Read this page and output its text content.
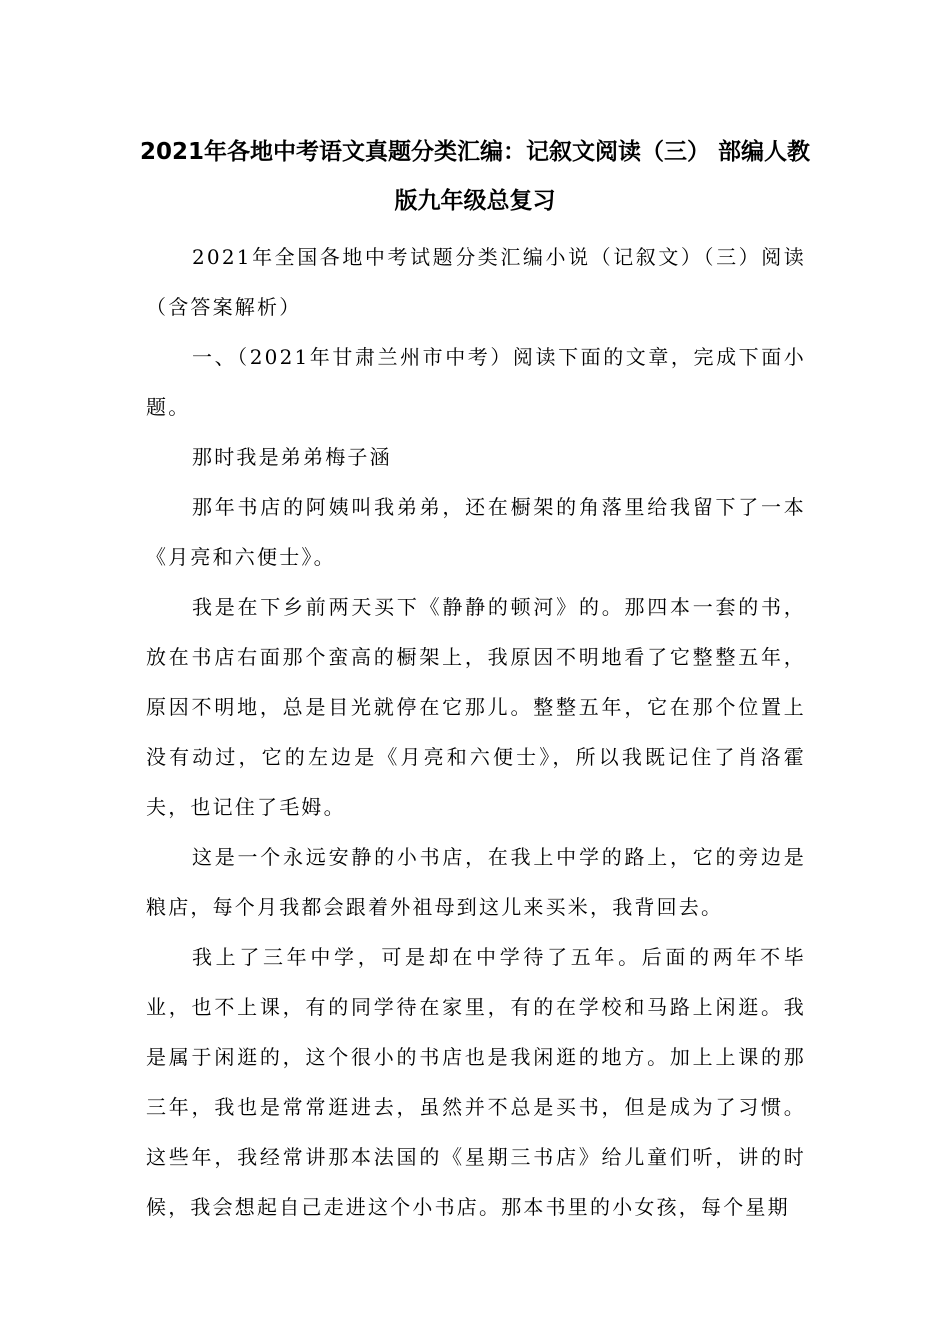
2021年各地中考语文真题分类汇编：记叙文阅读（三） 部编人教
版九年级总复习

2021年全国各地中考试题分类汇编小说（记叙文）（三）阅读（含答案解析）

一、（2021年甘肃兰州市中考）阅读下面的文章，完成下面小题。

那时我是弟弟梅子涵

那年书店的阿姨叫我弟弟，还在橱架的角落里给我留下了一本《月亮和六便士》。

我是在下乡前两天买下《静静的顿河》的。那四本一套的书，放在书店右面那个蛮高的橱架上，我原因不明地看了它整整五年，原因不明地，总是目光就停在它那儿。整整五年，它在那个位置上没有动过，它的左边是《月亮和六便士》，所以我既记住了肖洛霍夫，也记住了毛姆。

这是一个永远安静的小书店，在我上中学的路上，它的旁边是粮店，每个月我都会跟着外祖母到这儿来买米，我背回去。

我上了三年中学，可是却在中学待了五年。后面的两年不毕业，也不上课，有的同学待在家里，有的在学校和马路上闲逛。我是属于闲逛的，这个很小的书店也是我闲逛的地方。加上上课的那三年，我也是常常逛进去，虽然并不总是买书，但是成为了习惯。这些年，我经常讲那本法国的《星期三书店》给儿童们听，讲的时候，我会想起自己走进这个小书店。那本书里的小女孩，每个星期
